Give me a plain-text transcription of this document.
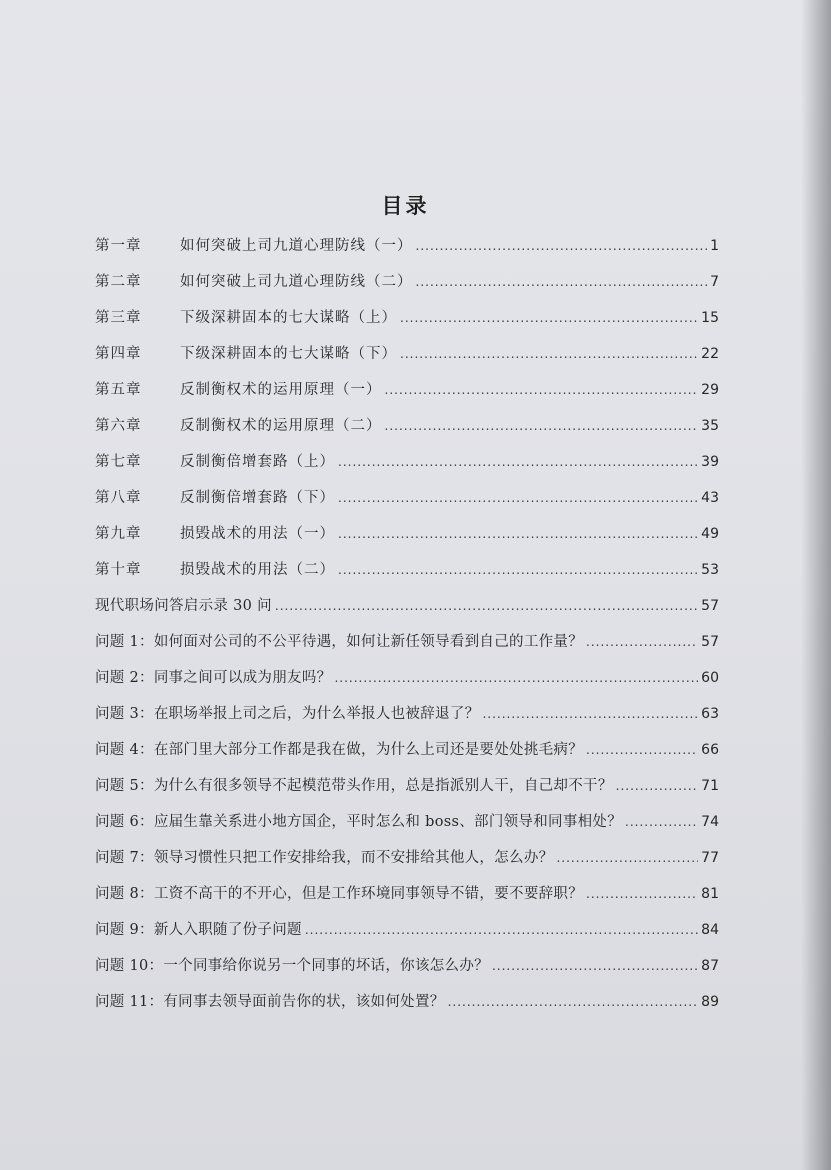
目录
第一章	如何突破上司九道心理防线（一） .....	1
第二章	如何突破上司九道心理防线（二） .....	7
第三章	下级深耕固本的七大谋略（上） .....	15
第四章	下级深耕固本的七大谋略（下） .....	22
第五章	反制衡权术的运用原理（一） .....	29
第六章	反制衡权术的运用原理（二） .....	35
第七章	反制衡倍增套路（上） .....	39
第八章	反制衡倍增套路（下） .....	43
第九章	损毁战术的用法（一） .....	49
第十章	损毁战术的用法（二） .....	53
现代职场问答启示录 30 问 .....	57
问题 1：如何面对公司的不公平待遇，如何让新任领导看到自己的工作量？ .....	57
问题 2：同事之间可以成为朋友吗？ .....	60
问题 3：在职场举报上司之后，为什么举报人也被辞退了？ .....	63
问题 4：在部门里大部分工作都是我在做，为什么上司还是要处处挑毛病？ .....	66
问题 5：为什么有很多领导不起模范带头作用，总是指派别人干，自己却不干？ .....	71
问题 6：应届生靠关系进小地方国企，平时怎么和 boss、部门领导和同事相处？ .....	74
问题 7：领导习惯性只把工作安排给我，而不安排给其他人，怎么办？ .....	77
问题 8：工资不高干的不开心，但是工作环境同事领导不错，要不要辞职？ .....	81
问题 9：新人入职随了份子问题 .....	84
问题 10：一个同事给你说另一个同事的坏话，你该怎么办？ .....	87
问题 11：有同事去领导面前告你的状，该如何处置？ .....	89
